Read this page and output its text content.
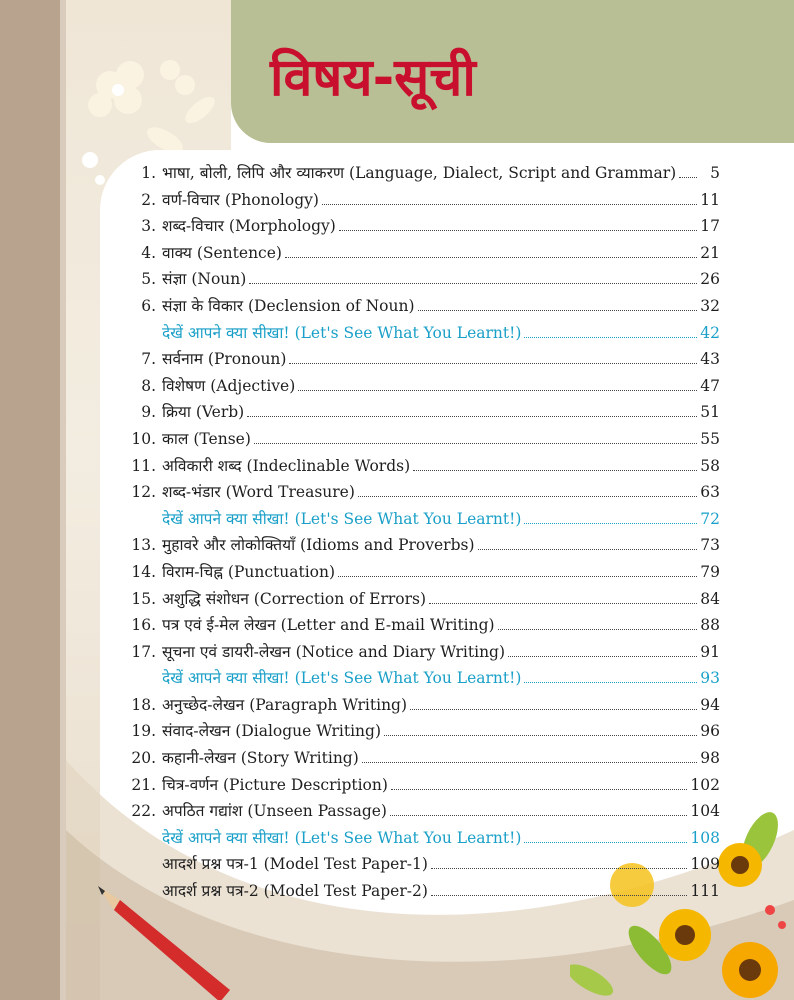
विषय-सूची
1. भाषा, बोली, लिपि और व्याकरण (Language, Dialect, Script and Grammar)	5
2. वर्ण-विचार (Phonology)	11
3. शब्द-विचार (Morphology)	17
4. वाक्य (Sentence)	21
5. संज्ञा (Noun)	26
6. संज्ञा के विकार (Declension of Noun)	32
देखें आपने क्या सीखा! (Let's See What You Learnt!)	42
7. सर्वनाम (Pronoun)	43
8. विशेषण (Adjective)	47
9. क्रिया (Verb)	51
10. काल (Tense)	55
11. अविकारी शब्द (Indeclinable Words)	58
12. शब्द-भंडार (Word Treasure)	63
देखें आपने क्या सीखा! (Let's See What You Learnt!)	72
13. मुहावरे और लोकोक्तियाँ (Idioms and Proverbs)	73
14. विराम-चिह्न (Punctuation)	79
15. अशुद्धि संशोधन (Correction of Errors)	84
16. पत्र एवं ई-मेल लेखन (Letter and E-mail Writing)	88
17. सूचना एवं डायरी-लेखन (Notice and Diary Writing)	91
देखें आपने क्या सीखा! (Let's See What You Learnt!)	93
18. अनुच्छेद-लेखन (Paragraph Writing)	94
19. संवाद-लेखन (Dialogue Writing)	96
20. कहानी-लेखन (Story Writing)	98
21. चित्र-वर्णन (Picture Description)	102
22. अपठित गद्यांश (Unseen Passage)	104
देखें आपने क्या सीखा! (Let's See What You Learnt!)	108
आदर्श प्रश्न पत्र-1 (Model Test Paper-1)	109
आदर्श प्रश्न पत्र-2 (Model Test Paper-2)	111
